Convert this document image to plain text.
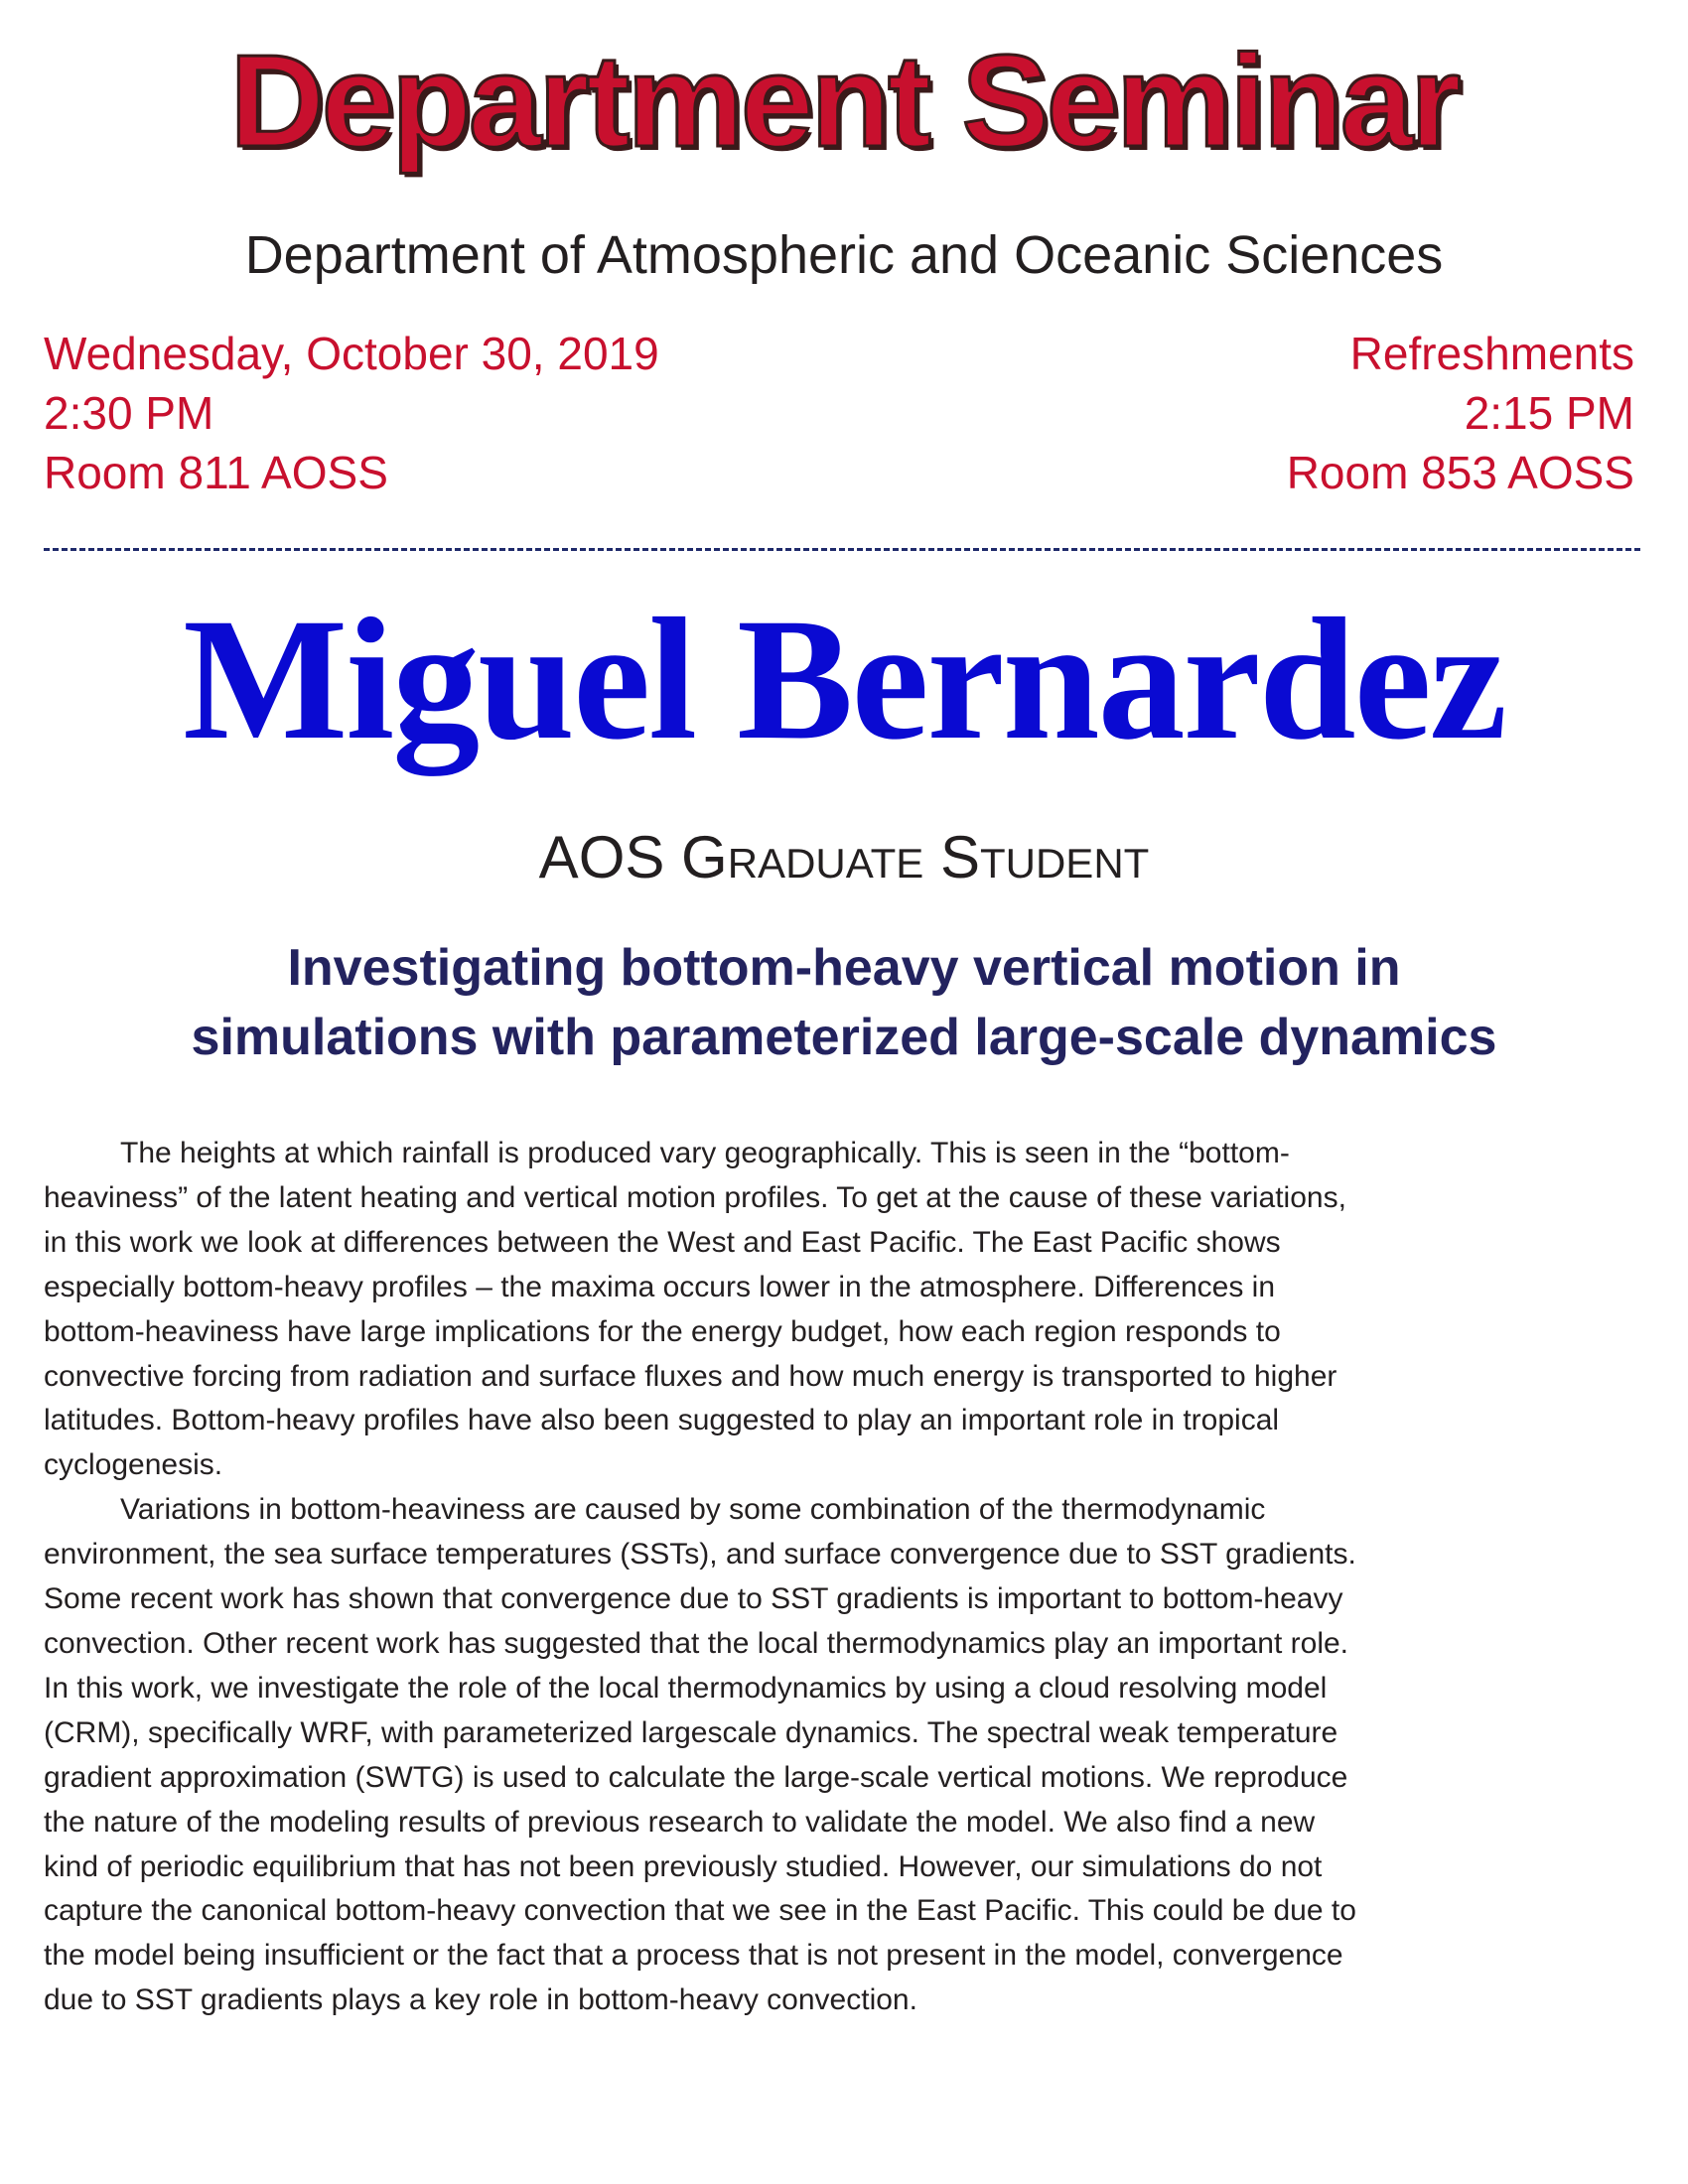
Department Seminar
Department of Atmospheric and Oceanic Sciences
Wednesday, October 30, 2019
2:30 PM
Room 811 AOSS
Refreshments
2:15 PM
Room 853 AOSS
Miguel Bernardez
AOS Graduate Student
Investigating bottom-heavy vertical motion in
simulations with parameterized large-scale dynamics
The heights at which rainfall is produced vary geographically. This is seen in the “bottom-
heaviness” of the latent heating and vertical motion profiles. To get at the cause of these variations,
in this work we look at differences between the West and East Pacific. The East Pacific shows
especially bottom-heavy profiles – the maxima occurs lower in the atmosphere. Differences in
bottom-heaviness have large implications for the energy budget, how each region responds to
convective forcing from radiation and surface fluxes and how much energy is transported to higher
latitudes. Bottom-heavy profiles have also been suggested to play an important role in tropical
cyclogenesis.
Variations in bottom-heaviness are caused by some combination of the thermodynamic
environment, the sea surface temperatures (SSTs), and surface convergence due to SST gradients.
Some recent work has shown that convergence due to SST gradients is important to bottom-heavy
convection. Other recent work has suggested that the local thermodynamics play an important role.
In this work, we investigate the role of the local thermodynamics by using a cloud resolving model
(CRM), specifically WRF, with parameterized largescale dynamics. The spectral weak temperature
gradient approximation (SWTG) is used to calculate the large-scale vertical motions. We reproduce
the nature of the modeling results of previous research to validate the model. We also find a new
kind of periodic equilibrium that has not been previously studied. However, our simulations do not
capture the canonical bottom-heavy convection that we see in the East Pacific. This could be due to
the model being insufficient or the fact that a process that is not present in the model, convergence
due to SST gradients plays a key role in bottom-heavy convection.
